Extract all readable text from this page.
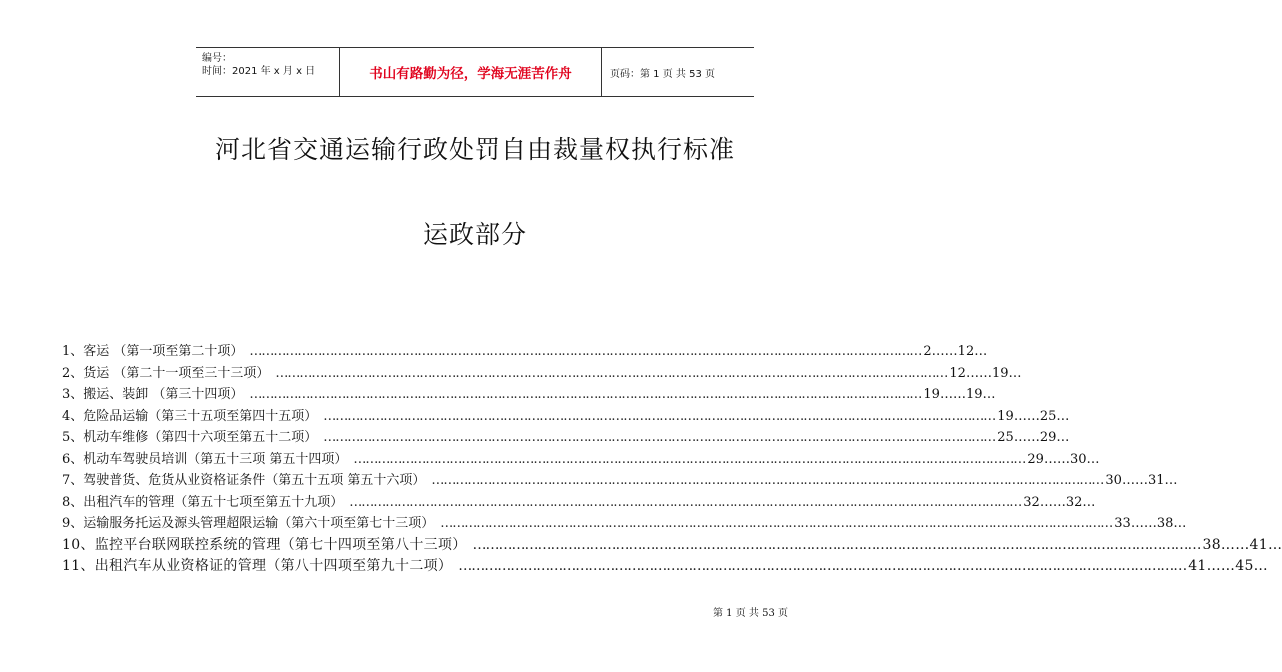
编号：
时间：2021 年 x 月 x 日	书山有路勤为径，学海无涯苦作舟	页码：第 1 页 共 53 页
河北省交通运输行政处罚自由裁量权执行标准
运政部分
1、客运 （第一项至第二十项） …………………………………………………………………………………………………………………………………………………… 2……12…
2、货运 （第二十一项至三十三项） …………………………………………………………………………………………………………………………………………………… 12……19…
3、搬运、装卸 （第三十四项） …………………………………………………………………………………………………………………………………………………… 19……19…
4、危险品运输（第三十五项至第四十五项） …………………………………………………………………………………………………………………………………………………… 19……25…
5、机动车维修（第四十六项至第五十二项） …………………………………………………………………………………………………………………………………………………… 25……29…
6、机动车驾驶员培训（第五十三项 第五十四项） …………………………………………………………………………………………………………………………………………………… 29……30…
7、驾驶普货、危货从业资格证条件（第五十五项 第五十六项） …………………………………………………………………………………………………………………………………………………… 30……31…
8、出租汽车的管理（第五十七项至第五十九项） …………………………………………………………………………………………………………………………………………………… 32……32…
9、运输服务托运及源头管理超限运输（第六十项至第七十三项） …………………………………………………………………………………………………………………………………………………… 33……38…
10、监控平台联网联控系统的管理（第七十四项至第八十三项） …………………………………………………………………………………………………………………………………………………… 38……41…
11、出租汽车从业资格证的管理（第八十四项至第九十二项） …………………………………………………………………………………………………………………………………………………… 41……45…
第 1 页 共 53 页
